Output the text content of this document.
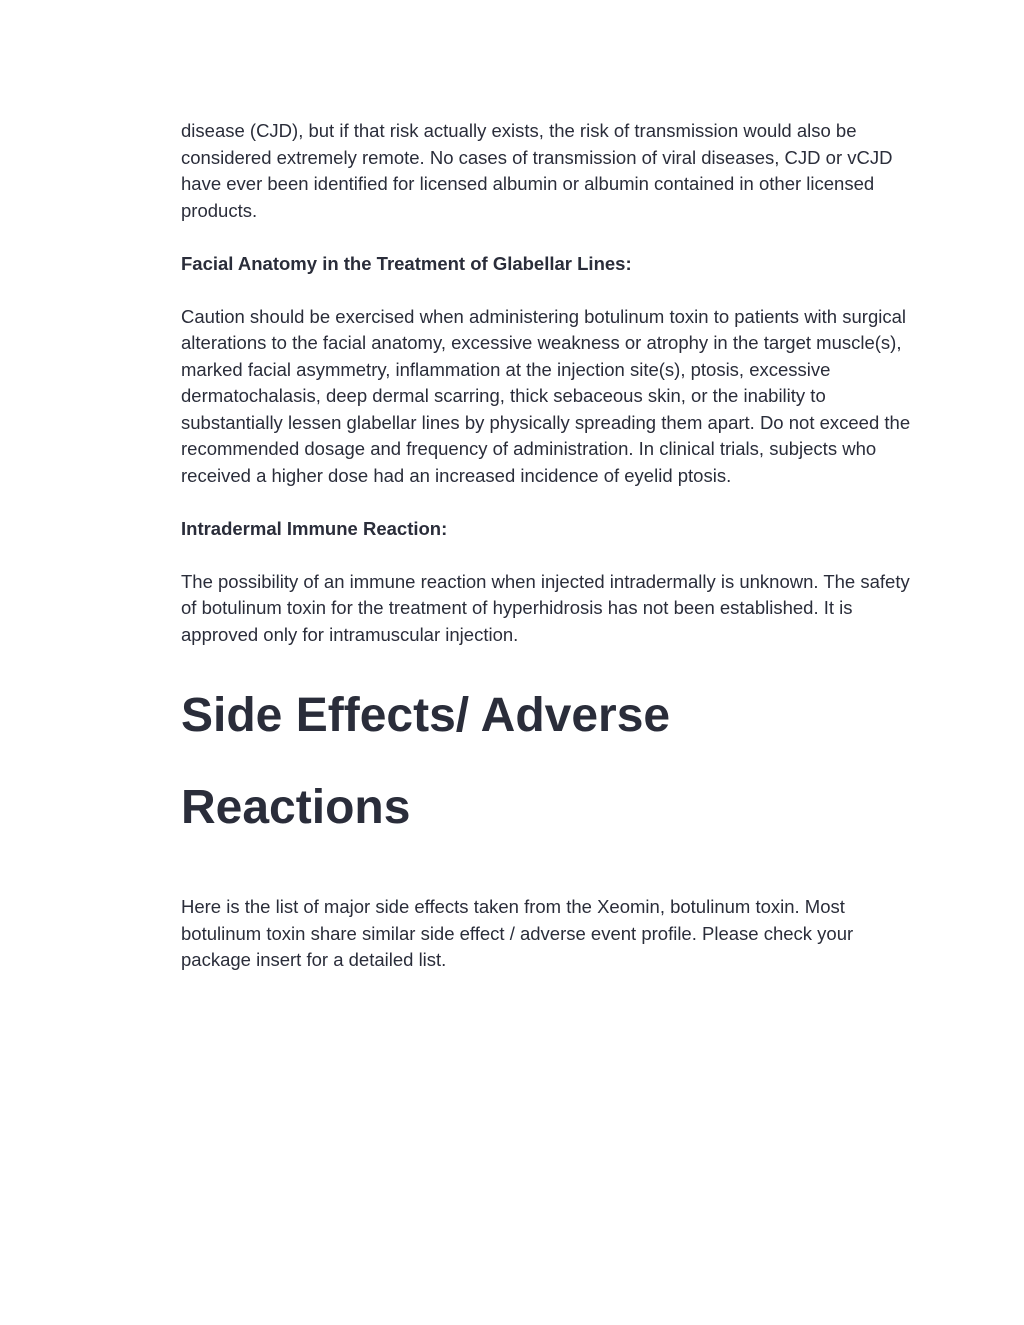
disease (CJD), but if that risk actually exists, the risk of transmission would also be considered extremely remote. No cases of transmission of viral diseases, CJD or vCJD have ever been identified for licensed albumin or albumin contained in other licensed products.

Facial Anatomy in the Treatment of Glabellar Lines:

Caution should be exercised when administering botulinum toxin to patients with surgical alterations to the facial anatomy, excessive weakness or atrophy in the target muscle(s), marked facial asymmetry, inflammation at the injection site(s), ptosis, excessive dermatochalasis, deep dermal scarring, thick sebaceous skin, or the inability to substantially lessen glabellar lines by physically spreading them apart. Do not exceed the recommended dosage and frequency of administration. In clinical trials, subjects who received a higher dose had an increased incidence of eyelid ptosis.

Intradermal Immune Reaction:

The possibility of an immune reaction when injected intradermally is unknown. The safety of botulinum toxin for the treatment of hyperhidrosis has not been established. It is approved only for intramuscular injection.

Side Effects/ Adverse Reactions

Here is the list of major side effects taken from the Xeomin, botulinum toxin. Most botulinum toxin share similar side effect / adverse event profile. Please check your package insert for a detailed list.
